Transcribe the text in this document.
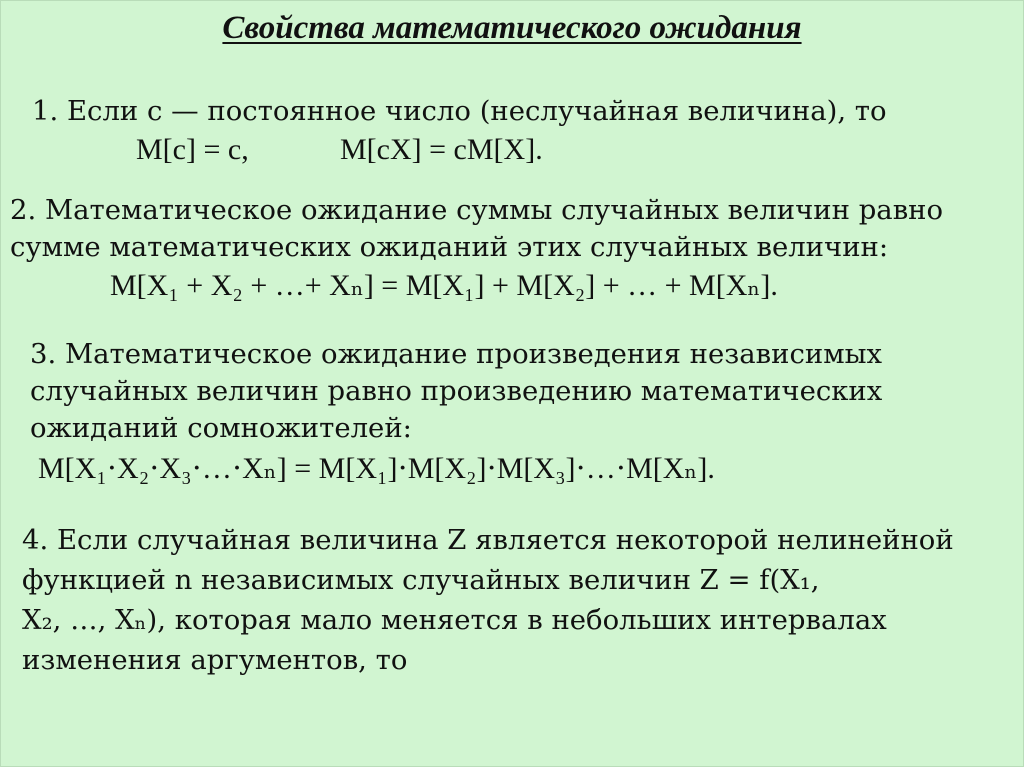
Свойства математического ожидания
1. Если c — постоянное число (неслучайная величина), то
M[c] = c,	M[cX] = cM[X].
2. Математическое ожидание суммы случайных величин равно
сумме математических ожиданий этих случайных величин:
M[X₁ + X₂ + …+ Xₙ] = M[X₁] + M[X₂] + … + M[Xₙ].
3. Математическое ожидание произведения независимых
случайных величин равно произведению математических
ожиданий сомножителей:
M[X₁⋅X₂⋅X₃⋅…⋅Xₙ] = M[X₁]⋅M[X₂]⋅M[X₃]⋅…⋅M[Xₙ].
4. Если случайная величина Z является некоторой нелинейной
функцией n независимых случайных величин Z = f(X₁,
X₂, …, Xₙ), которая мало меняется в небольших интервалах
изменения аргументов, то
